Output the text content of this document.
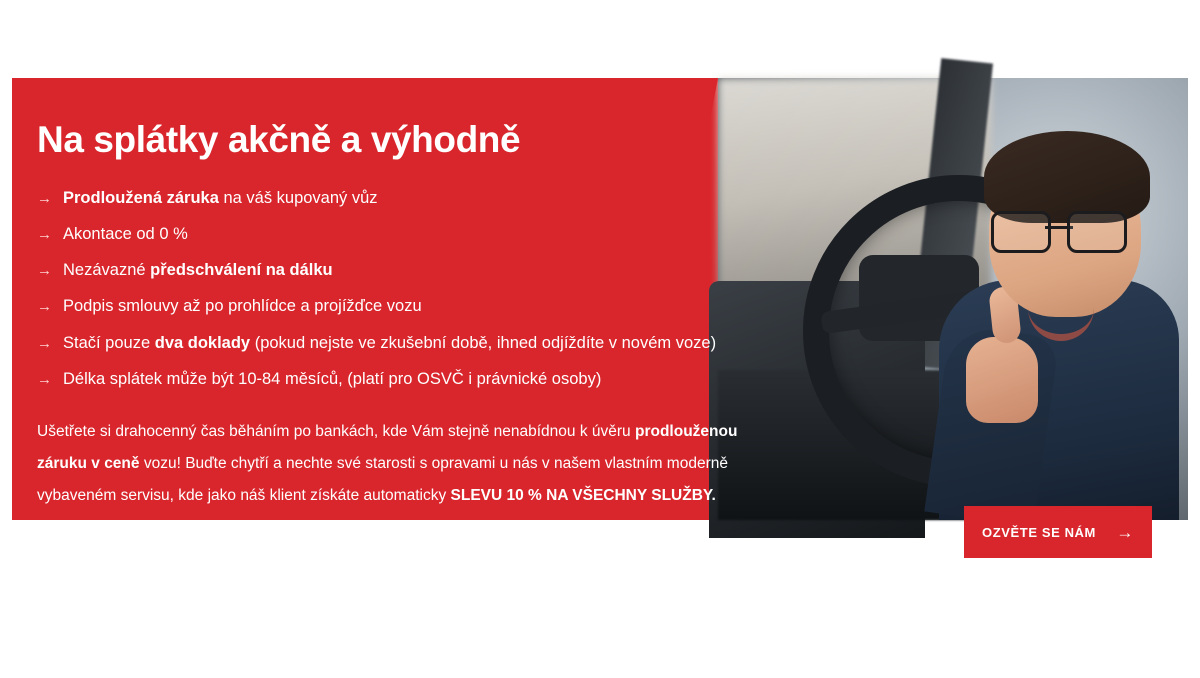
Na splátky akčně a výhodně
→ Prodloužená záruka na váš kupovaný vůz
→ Akontace od 0 %
→ Nezávazné předschválení na dálku
→ Podpis smlouvy až po prohlídce a projížďce vozu
→ Stačí pouze dva doklady (pokud nejste ve zkušební době, ihned odjíždíte v novém voze)
→ Délka splátek může být 10-84 měsíců, (platí pro OSVČ i právnické osoby)

Ušetřete si drahocenný čas běháním po bankách, kde Vám stejně nenabídnou k úvěru prodlouženou záruku v ceně vozu! Buďte chytří a nechte své starosti s opravami u nás v našem vlastním moderně vybaveném servisu, kde jako náš klient získáte automaticky SLEVU 10 % NA VŠECHNY SLUŽBY.

OZVĚTE SE NÁM →
